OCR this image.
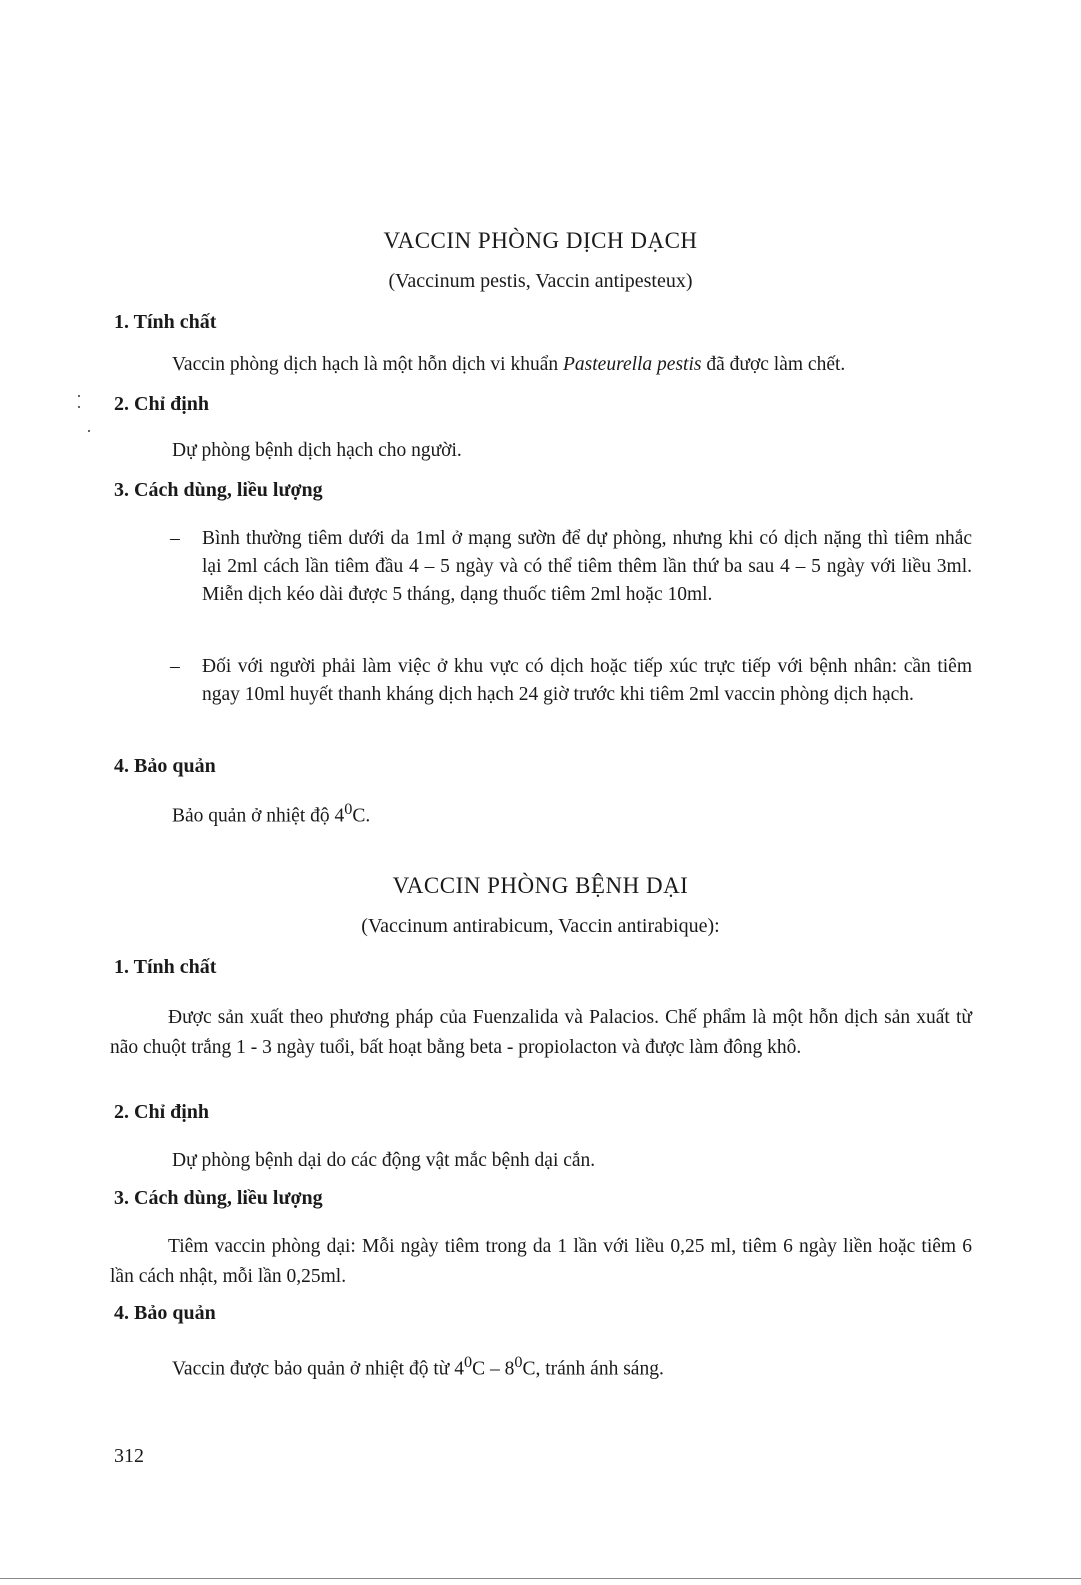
VACCIN PHÒNG DỊCH DẠCH

(Vaccinum pestis, Vaccin antipesteux)

1. Tính chất

Vaccin phòng dịch hạch là một hỗn dịch vi khuẩn Pasteurella pestis đã được làm chết.

2. Chỉ định

Dự phòng bệnh dịch hạch cho người.

3. Cách dùng, liều lượng
– Bình thường tiêm dưới da 1ml ở mạng sườn để dự phòng, nhưng khi có dịch nặng thì tiêm nhắc lại 2ml cách lần tiêm đầu 4 – 5 ngày và có thể tiêm thêm lần thứ ba sau 4 – 5 ngày với liều 3ml. Miễn dịch kéo dài được 5 tháng, dạng thuốc tiêm 2ml hoặc 10ml.
– Đối với người phải làm việc ở khu vực có dịch hoặc tiếp xúc trực tiếp với bệnh nhân: cần tiêm ngay 10ml huyết thanh kháng dịch hạch 24 giờ trước khi tiêm 2ml vaccin phòng dịch hạch.
4. Bảo quản

Bảo quản ở nhiệt độ $4^0C$.

VACCIN PHÒNG BỆNH DẠI

(Vaccinum antirabicum, Vaccin antirabique):

1. Tính chất

Được sản xuất theo phương pháp của Fuenzalida và Palacios. Chế phẩm là một hỗn dịch sản xuất từ não chuột trắng 1 - 3 ngày tuổi, bất hoạt bằng beta - propiolacton và được làm đông khô.

2. Chỉ định

Dự phòng bệnh dại do các động vật mắc bệnh dại cắn.

3. Cách dùng, liều lượng

Tiêm vaccin phòng dại: Mỗi ngày tiêm trong da 1 lần với liều 0,25 ml, tiêm 6 ngày liền hoặc tiêm 6 lần cách nhật, mỗi lần 0,25ml.

4. Bảo quản

Vaccin được bảo quản ở nhiệt độ từ $4^0C - 8^0C$, tránh ánh sáng.

312
